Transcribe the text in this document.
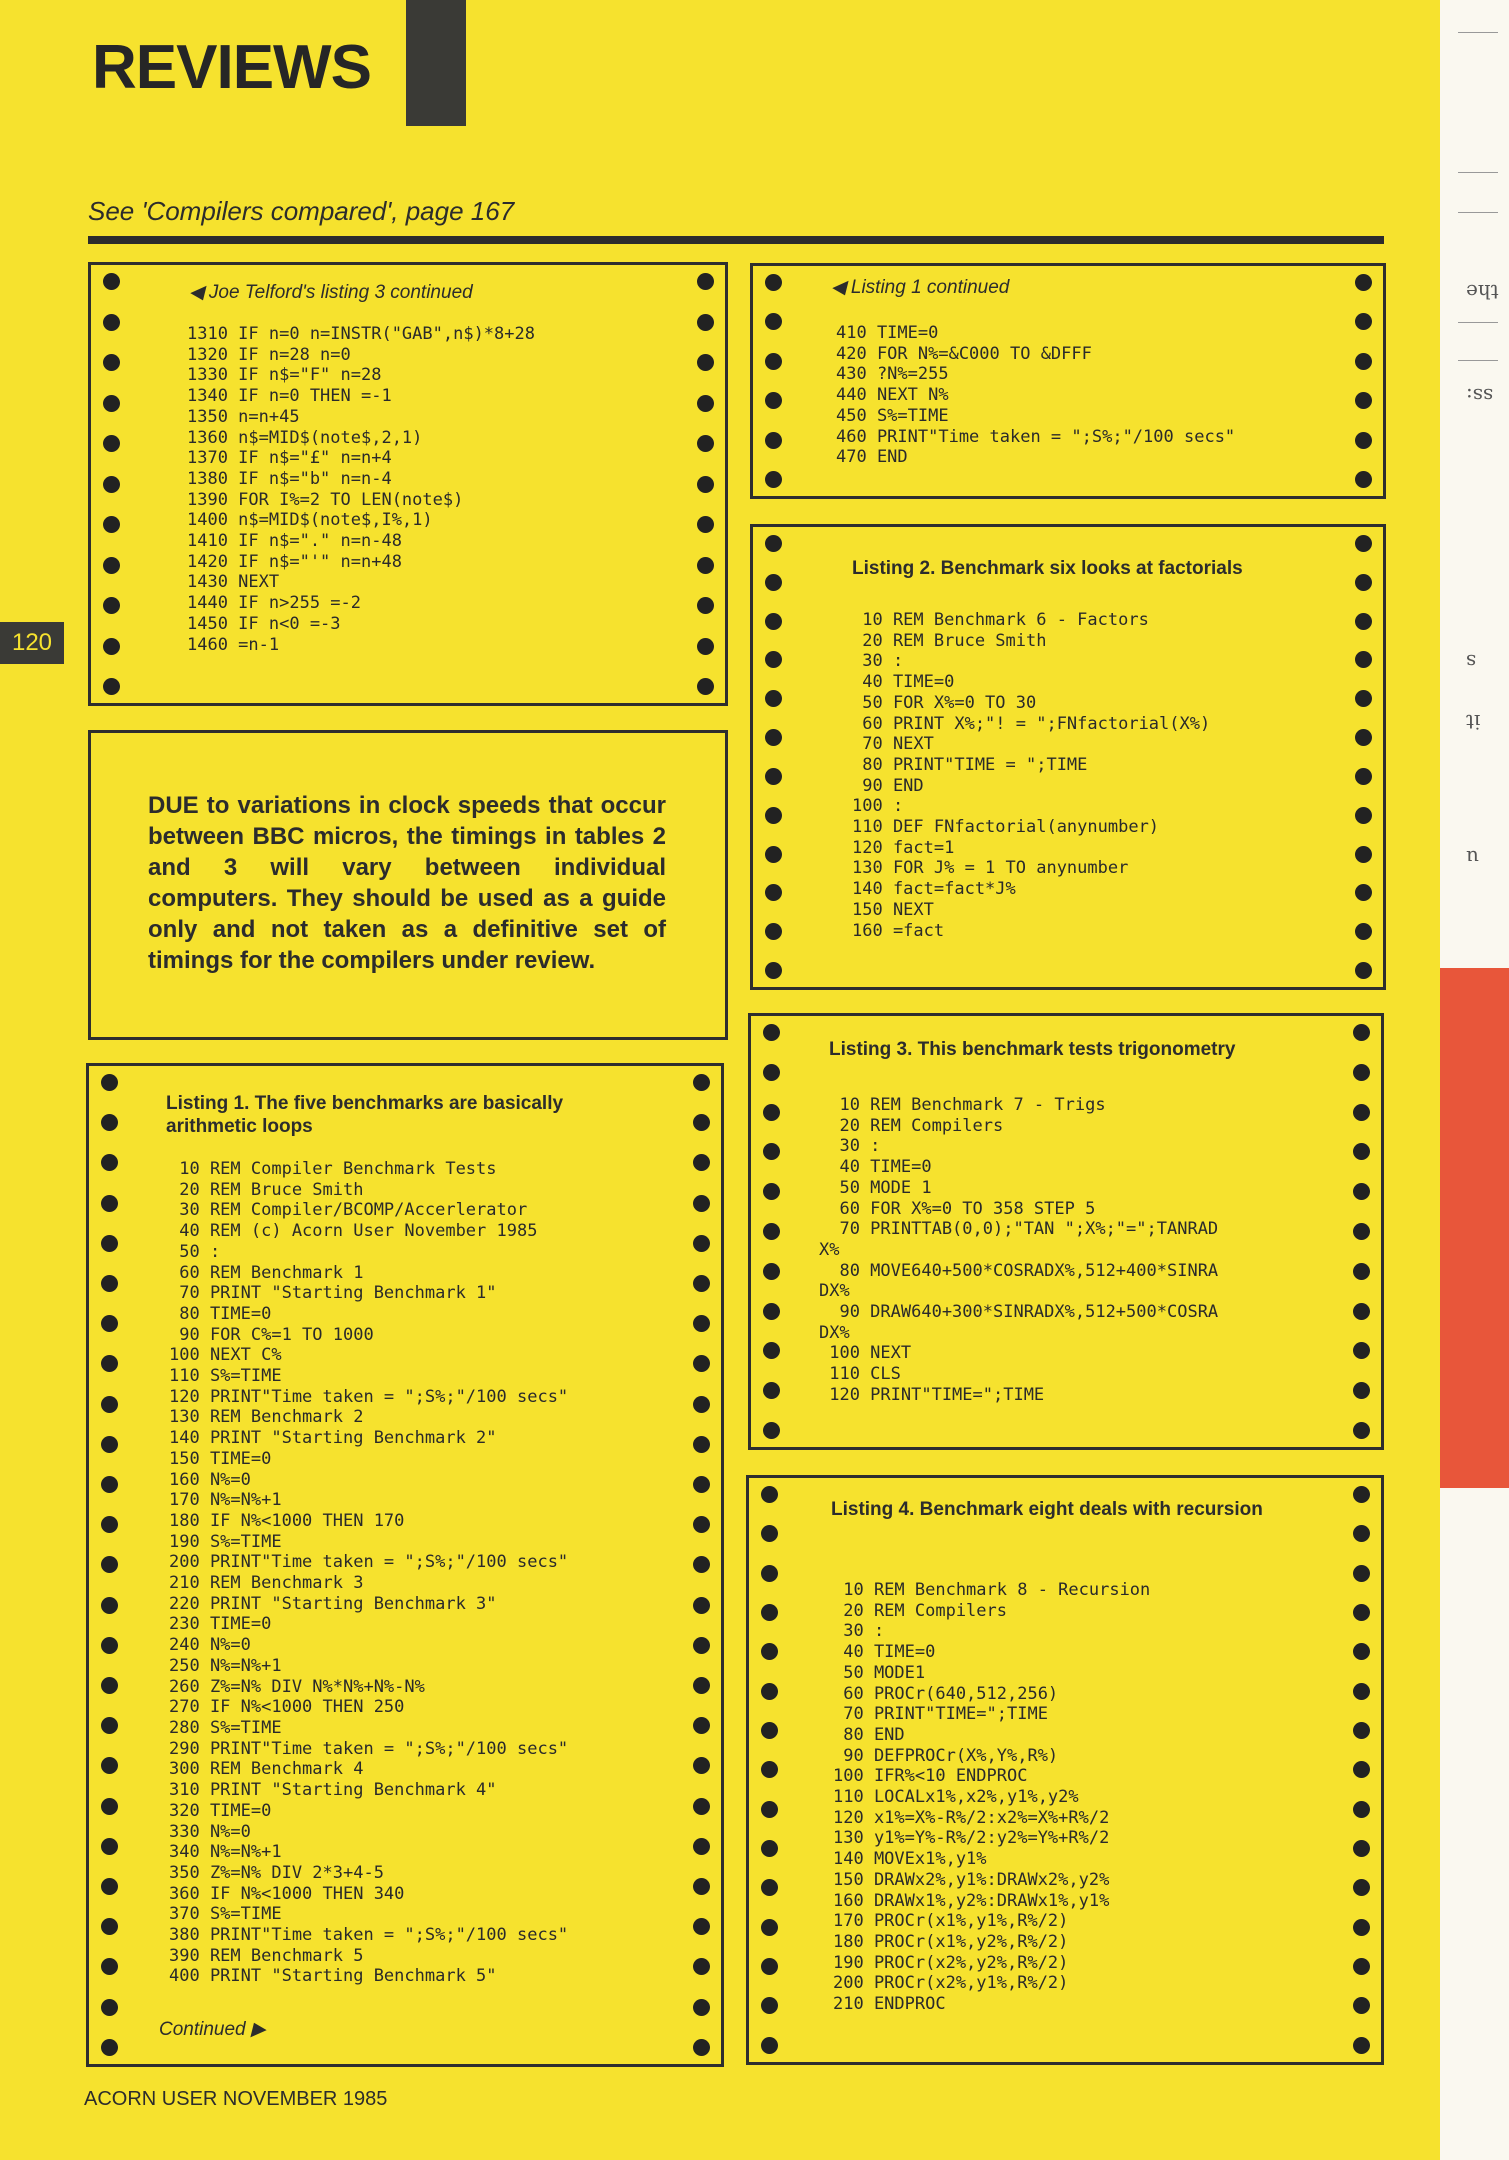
REVIEWS
See 'Compilers compared', page 167
120
◀ Joe Telford's listing 3 continued
1310 IF n=0 n=INSTR("GAB",n$)*8+28
1320 IF n=28 n=0
1330 IF n$="F" n=28
1340 IF n=0 THEN =-1
1350 n=n+45
1360 n$=MID$(note$,2,1)
1370 IF n$="£" n=n+4
1380 IF n$="b" n=n-4
1390 FOR I%=2 TO LEN(note$)
1400 n$=MID$(note$,I%,1)
1410 IF n$="." n=n-48
1420 IF n$="'" n=n+48
1430 NEXT
1440 IF n>255 =-2
1450 IF n<0 =-3
1460 =n-1
DUE to variations in clock speeds that occur between BBC micros, the timings in tables 2 and 3 will vary between individual computers. They should be used as a guide only and not taken as a definitive set of timings for the compilers under review.
Listing 1. The five benchmarks are basically arithmetic loops
10 REM Compiler Benchmark Tests
20 REM Bruce Smith
30 REM Compiler/BCOMP/Accerlerator
40 REM (c) Acorn User November 1985
50 :
60 REM Benchmark 1
70 PRINT "Starting Benchmark 1"
80 TIME=0
90 FOR C%=1 TO 1000
100 NEXT C%
110 S%=TIME
120 PRINT"Time taken = ";S%;"/100 secs"
130 REM Benchmark 2
140 PRINT "Starting Benchmark 2"
150 TIME=0
160 N%=0
170 N%=N%+1
180 IF N%<1000 THEN 170
190 S%=TIME
200 PRINT"Time taken = ";S%;"/100 secs"
210 REM Benchmark 3
220 PRINT "Starting Benchmark 3"
230 TIME=0
240 N%=0
250 N%=N%+1
260 Z%=N% DIV N%*N%+N%-N%
270 IF N%<1000 THEN 250
280 S%=TIME
290 PRINT"Time taken = ";S%;"/100 secs"
300 REM Benchmark 4
310 PRINT "Starting Benchmark 4"
320 TIME=0
330 N%=0
340 N%=N%+1
350 Z%=N% DIV 2*3+4-5
360 IF N%<1000 THEN 340
370 S%=TIME
380 PRINT"Time taken = ";S%;"/100 secs"
390 REM Benchmark 5
400 PRINT "Starting Benchmark 5"
Continued ▶
◀ Listing 1 continued
410 TIME=0
420 FOR N%=&C000 TO &DFFF
430 ?N%=255
440 NEXT N%
450 S%=TIME
460 PRINT"Time taken = ";S%;"/100 secs"
470 END
Listing 2. Benchmark six looks at factorials
10 REM Benchmark 6 - Factors
20 REM Bruce Smith
30 :
40 TIME=0
50 FOR X%=0 TO 30
60 PRINT X%;"! = ";FNfactorial(X%)
70 NEXT
80 PRINT"TIME = ";TIME
90 END
100 :
110 DEF FNfactorial(anynumber)
120 fact=1
130 FOR J% = 1 TO anynumber
140 fact=fact*J%
150 NEXT
160 =fact
Listing 3. This benchmark tests trigonometry
10 REM Benchmark 7 - Trigs
20 REM Compilers
30 :
40 TIME=0
50 MODE 1
60 FOR X%=0 TO 358 STEP 5
70 PRINTTAB(0,0);"TAN ";X%;"=";TANRAD
X%
80 MOVE640+500*COSRADX%,512+400*SINRA
DX%
90 DRAW640+300*SINRADX%,512+500*COSRA
DX%
100 NEXT
110 CLS
120 PRINT"TIME=";TIME
Listing 4. Benchmark eight deals with recursion
10 REM Benchmark 8 - Recursion
20 REM Compilers
30 :
40 TIME=0
50 MODE1
60 PROCr(640,512,256)
70 PRINT"TIME=";TIME
80 END
90 DEFPROCr(X%,Y%,R%)
100 IFR%<10 ENDPROC
110 LOCALx1%,x2%,y1%,y2%
120 x1%=X%-R%/2:x2%=X%+R%/2
130 y1%=Y%-R%/2:y2%=Y%+R%/2
140 MOVEx1%,y1%
150 DRAWx2%,y1%:DRAWx2%,y2%
160 DRAWx1%,y2%:DRAWx1%,y1%
170 PROCr(x1%,y1%,R%/2)
180 PROCr(x1%,y2%,R%/2)
190 PROCr(x2%,y2%,R%/2)
200 PROCr(x2%,y1%,R%/2)
210 ENDPROC
ACORN USER NOVEMBER 1985
the
ss:
s
it
u
